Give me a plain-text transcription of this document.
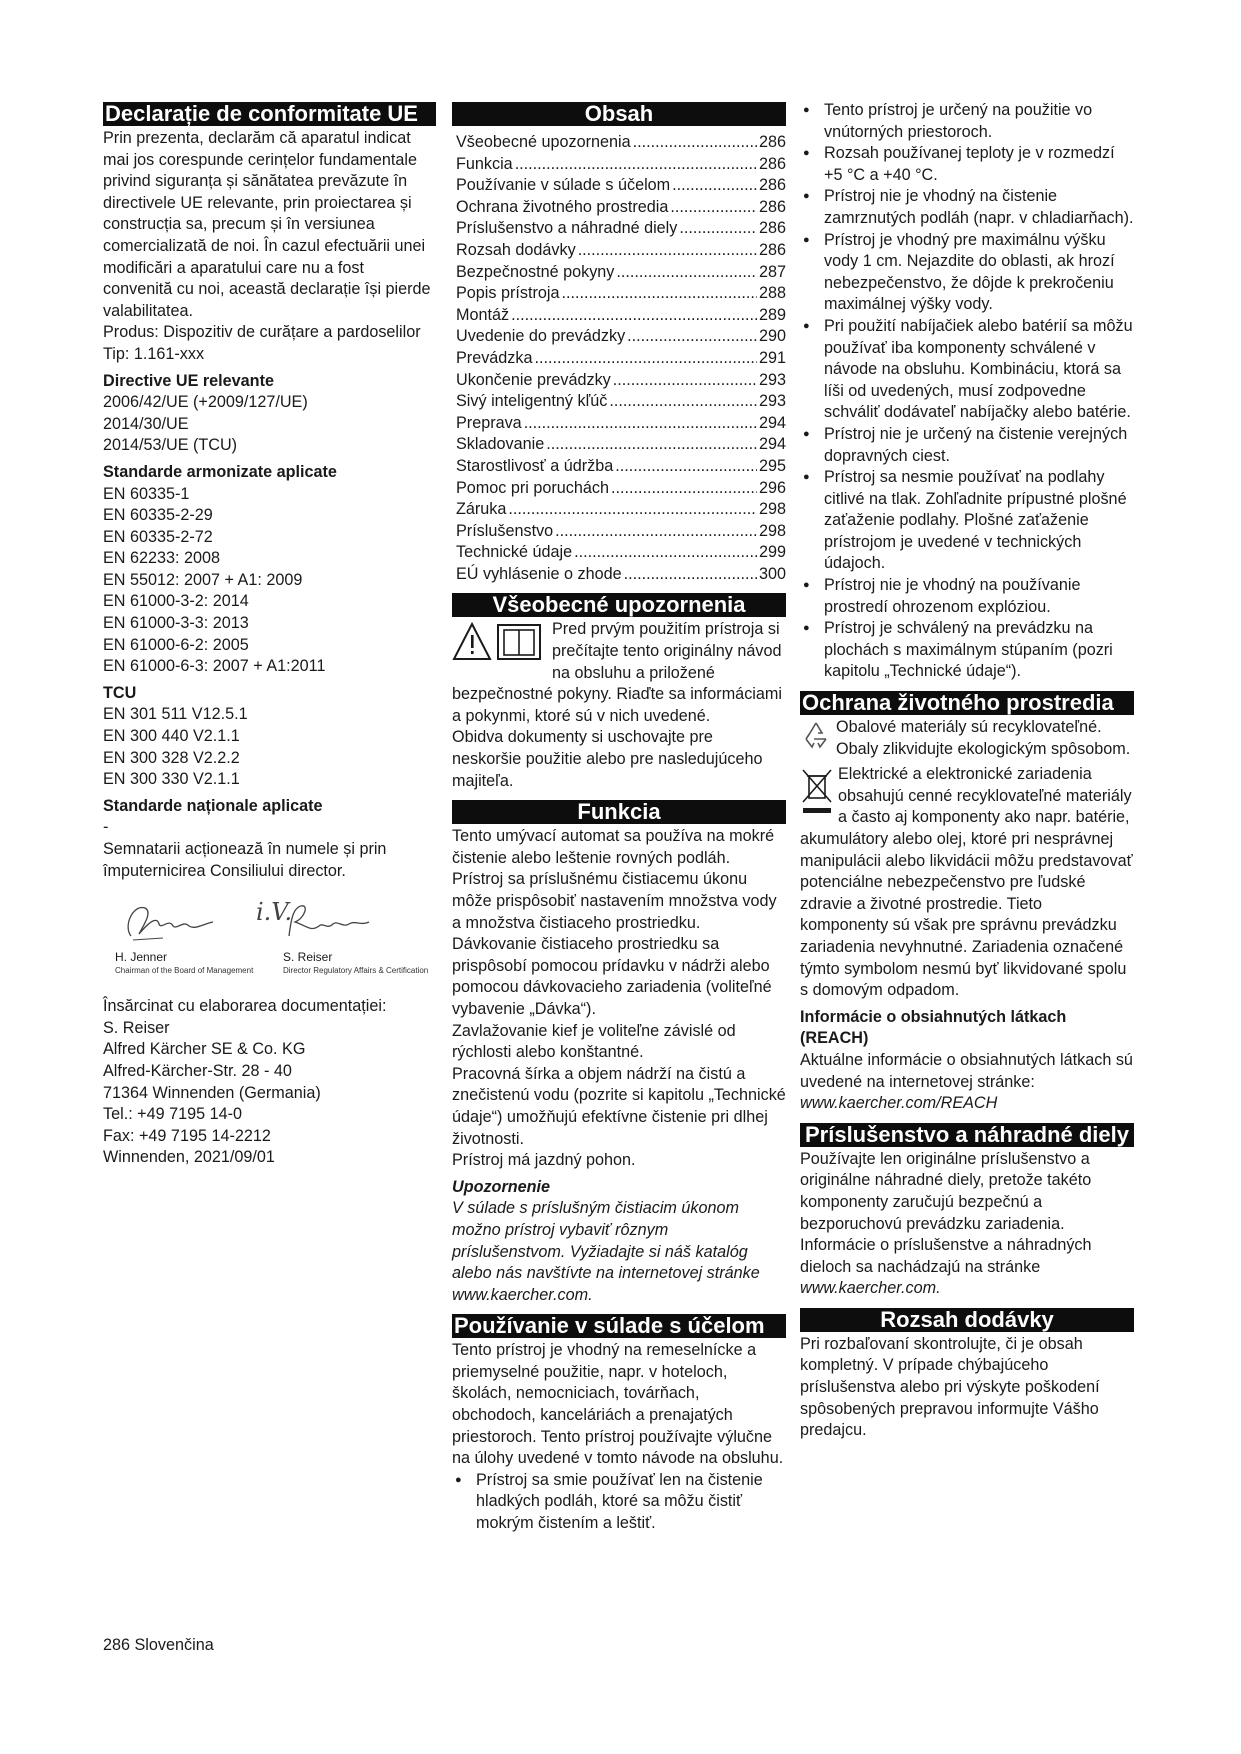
Declarație de conformitate UE

Prin prezenta, declarăm că aparatul indicat mai jos corespunde cerințelor fundamentale privind siguranța și sănătatea prevăzute în directivele UE relevante, prin proiectarea și construcția sa, precum și în versiunea comercializată de noi. În cazul efectuării unei modificări a aparatului care nu a fost convenită cu noi, această declarație își pierde valabilitatea.

Produs: Dispozitiv de curățare a pardoselilor

Tip: 1.161-xxx

Directive UE relevante

2006/42/UE (+2009/127/UE)

2014/30/UE

2014/53/UE (TCU)

Standarde armonizate aplicate

EN 60335-1

EN 60335-2-29

EN 60335-2-72

EN 62233: 2008

EN 55012: 2007 + A1: 2009

EN 61000-3-2: 2014

EN 61000-3-3: 2013

EN 61000-6-2: 2005

EN 61000-6-3: 2007 + A1:2011

TCU

EN 301 511 V12.5.1

EN 300 440 V2.1.1

EN 300 328 V2.2.2

EN 300 330 V2.1.1

Standarde naționale aplicate

-

Semnatarii acționează în numele și prin împuternicirea Consiliului director.

H. Jenner
Chairman of the Board of Management
i.V.
S. Reiser
Director Regulatory Affairs & Certification

Însărcinat cu elaborarea documentației:

S. Reiser

Alfred Kärcher SE & Co. KG

Alfred-Kärcher-Str. 28 - 40

71364 Winnenden (Germania)

Tel.: +49 7195 14-0

Fax: +49 7195 14-2212

Winnenden, 2021/09/01

Obsah
Všeobecné upozornenia .....	286
Funkcia .....	286
Používanie v súlade s účelom .....	286
Ochrana životného prostredia .....	286
Príslušenstvo a náhradné diely .....	286
Rozsah dodávky .....	286
Bezpečnostné pokyny .....	287
Popis prístroja .....	288
Montáž .....	289
Uvedenie do prevádzky .....	290
Prevádzka .....	291
Ukončenie prevádzky .....	293
Sivý inteligentný kľúč .....	293
Preprava .....	294
Skladovanie .....	294
Starostlivosť a údržba .....	295
Pomoc pri poruchách .....	296
Záruka .....	298
Príslušenstvo .....	298
Technické údaje .....	299
EÚ vyhlásenie o zhode .....	300
Všeobecné upozornenia

Pred prvým použitím prístroja si prečítajte tento originálny návod na obsluhu a priložené bezpečnostné pokyny. Riaďte sa informáciami a pokynmi, ktoré sú v nich uvedené.

Obidva dokumenty si uschovajte pre neskoršie použitie alebo pre nasledujúceho majiteľa.

Funkcia

Tento umývací automat sa používa na mokré čistenie alebo leštenie rovných podláh.

Prístroj sa príslušnému čistiacemu úkonu môže prispôsobiť nastavením množstva vody a množstva čistiaceho prostriedku.

Dávkovanie čistiaceho prostriedku sa prispôsobí pomocou prídavku v nádrži alebo pomocou dávkovacieho zariadenia (voliteľné vybavenie „Dávka“).

Zavlažovanie kief je voliteľne závislé od rýchlosti alebo konštantné.

Pracovná šírka a objem nádrží na čistú a znečistenú vodu (pozrite si kapitolu „Technické údaje“) umožňujú efektívne čistenie pri dlhej životnosti.

Prístroj má jazdný pohon.

Upozornenie

V súlade s príslušným čistiacim úkonom možno prístroj vybaviť rôznym príslušenstvom. Vyžiadajte si náš katalóg alebo nás navštívte na internetovej stránke www.kaercher.com.

Používanie v súlade s účelom

Tento prístroj je vhodný na remeselnícke a priemyselné použitie, napr. v hoteloch, školách, nemocniciach, továrňach, obchodoch, kanceláriách a prenajatých priestoroch. Tento prístroj používajte výlučne na úlohy uvedené v tomto návode na obsluhu.

● Prístroj sa smie používať len na čistenie hladkých podláh, ktoré sa môžu čistiť mokrým čistením a leštiť.
● Tento prístroj je určený na použitie vo vnútorných priestoroch.
● Rozsah používanej teploty je v rozmedzí +5 °C a +40 °C.
● Prístroj nie je vhodný na čistenie zamrznutých podláh (napr. v chladiarňach).
● Prístroj je vhodný pre maximálnu výšku vody 1 cm. Nejazdite do oblasti, ak hrozí nebezpečenstvo, že dôjde k prekročeniu maximálnej výšky vody.
● Pri použití nabíjačiek alebo batérií sa môžu používať iba komponenty schválené v návode na obsluhu. Kombináciu, ktorá sa líši od uvedených, musí zodpovedne schváliť dodávateľ nabíjačky alebo batérie.
● Prístroj nie je určený na čistenie verejných dopravných ciest.
● Prístroj sa nesmie používať na podlahy citlivé na tlak. Zohľadnite prípustné plošné zaťaženie podlahy. Plošné zaťaženie prístrojom je uvedené v technických údajoch.
● Prístroj nie je vhodný na používanie prostredí ohrozenom explóziou.
● Prístroj je schválený na prevádzku na plochách s maximálnym stúpaním (pozri kapitolu „Technické údaje“).
Ochrana životného prostredia

Obalové materiály sú recyklovateľné. Obaly zlikvidujte ekologickým spôsobom.

Elektrické a elektronické zariadenia obsahujú cenné recyklovateľné materiály a často aj komponenty ako napr. batérie, akumulátory alebo olej, ktoré pri nesprávnej manipulácii alebo likvidácii môžu predstavovať potenciálne nebezpečenstvo pre ľudské zdravie a životné prostredie. Tieto komponenty sú však pre správnu prevádzku zariadenia nevyhnutné. Zariadenia označené týmto symbolom nesmú byť likvidované spolu s domovým odpadom.

Informácie o obsiahnutých látkach (REACH)

Aktuálne informácie o obsiahnutých látkach sú uvedené na internetovej stránke:

www.kaercher.com/REACH

Príslušenstvo a náhradné diely

Používajte len originálne príslušenstvo a originálne náhradné diely, pretože takéto komponenty zaručujú bezpečnú a bezporuchovú prevádzku zariadenia.

Informácie o príslušenstve a náhradných dieloch sa nachádzajú na stránke

www.kaercher.com.

Rozsah dodávky

Pri rozbaľovaní skontrolujte, či je obsah kompletný. V prípade chýbajúceho príslušenstva alebo pri výskyte poškodení spôsobených prepravou informujte Vášho predajcu.

286 Slovenčina
